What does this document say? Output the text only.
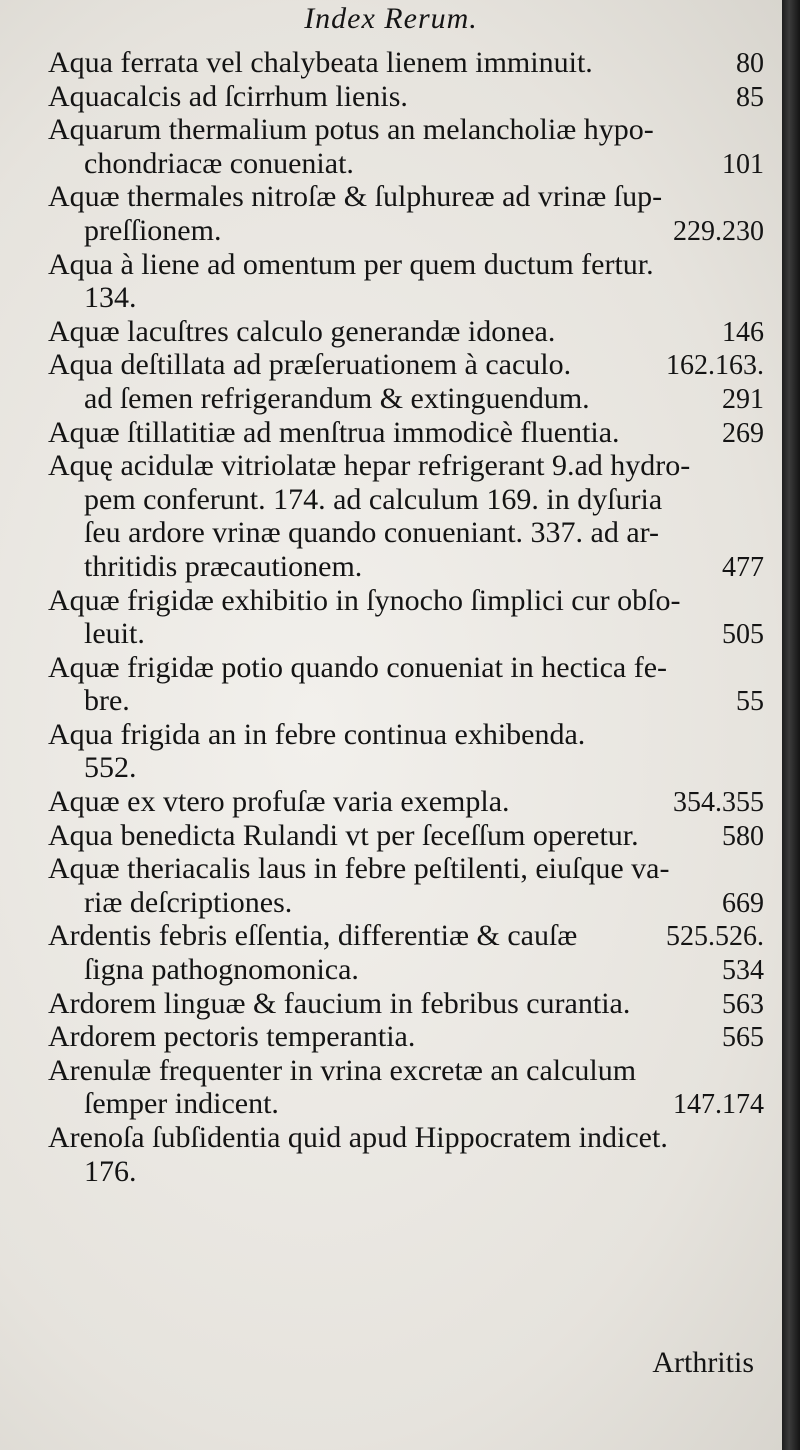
Index Rerum.
Aqua ferrata vel chalybeata lienem imminuit.	80
Aquacalcis ad ſcirrhum lienis.	85
Aquarum thermalium potus an melancholiæ hypo-
chondriacæ conueniat.	101
Aquæ thermales nitroſæ & ſulphureæ ad vrinæ ſup-
preſſionem.	229.230
Aqua à liene ad omentum per quem ductum fertur.
134.
Aquæ lacuſtres calculo generandæ idonea.	146
Aqua deſtillata ad præſeruationem à caculo.	162.163.
ad ſemen refrigerandum & extinguendum.	291
Aquæ ſtillatitiæ ad menſtrua immodicè fluentia.	269
Aquę acidulæ vitriolatæ hepar refrigerant 9.ad hydro-
pem conferunt. 174. ad calculum 169. in dyſuria
ſeu ardore vrinæ quando conueniant. 337. ad ar-
thritidis præcautionem.	477
Aquæ frigidæ exhibitio in ſynocho ſimplici cur obſo-
leuit.	505
Aquæ frigidæ potio quando conueniat in hectica fe-
bre.	55
Aqua frigida an in febre continua exhibenda.
552.
Aquæ ex vtero profuſæ varia exempla.	354.355
Aqua benedicta Rulandi vt per ſeceſſum operetur.	580
Aquæ theriacalis laus in febre peſtilenti, eiuſque va-
riæ deſcriptiones.	669
Ardentis febris eſſentia, differentiæ & cauſæ	525.526.
ſigna pathognomonica.	534
Ardorem linguæ & faucium in febribus curantia.	563
Ardorem pectoris temperantia.	565
Arenulæ frequenter in vrina excretæ an calculum
ſemper indicent.	147.174
Arenoſa ſubſidentia quid apud Hippocratem indicet.
176.
Arthritis
